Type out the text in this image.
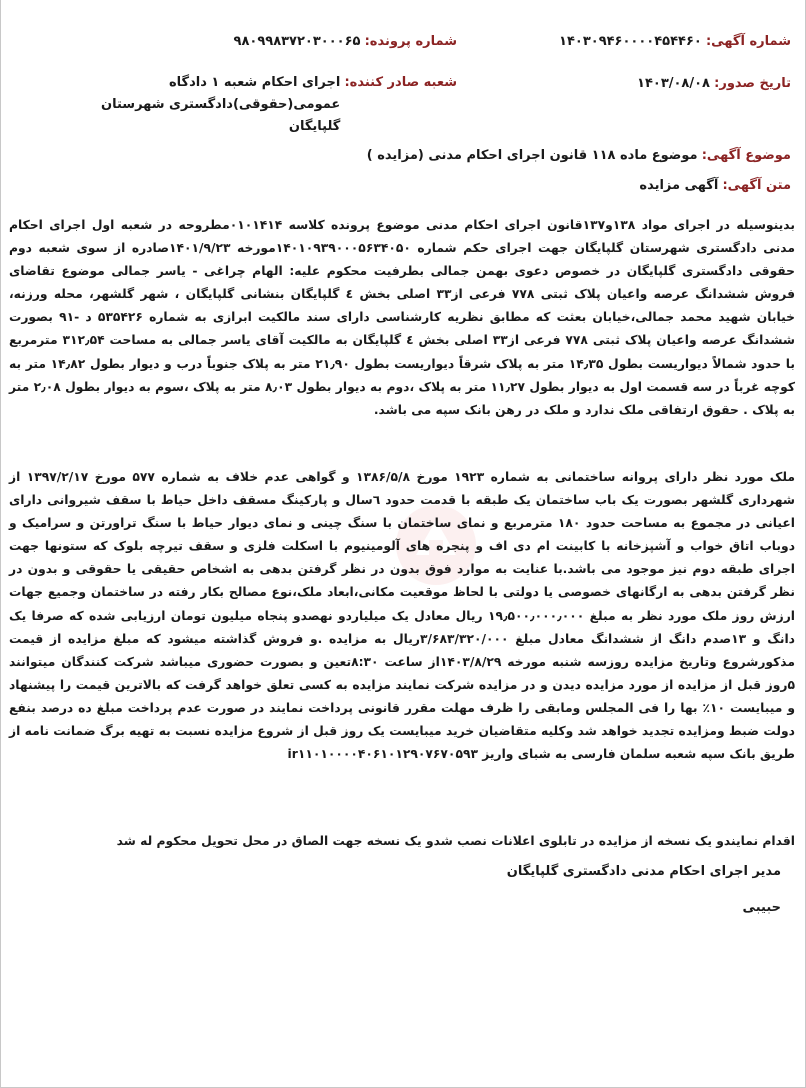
شماره آگهی: ۱۴۰۳۰۹۴۶۰۰۰۰۴۵۴۴۶۰
شماره پرونده: ۹۸۰۹۹۸۳۷۲۰۳۰۰۰۶۵
تاریخ صدور: ۱۴۰۳/۰۸/۰۸
شعبه صادر کننده: اجرای احکام شعبه ۱ دادگاه عمومی(حقوقی)دادگستری شهرستان گلپایگان
موضوع آگهی: موضوع ماده ۱۱۸ قانون اجرای احکام مدنی (مزایده )
متن آگهی: آگهی مزایده
بدینوسیله در اجرای مواد ۱۳۸و۱۳۷قانون اجرای احکام مدنی موضوع پرونده کلاسه ۰۱۰۱۴۱۴مطروحه در شعبه اول اجرای احکام مدنی دادگستری شهرستان گلپایگان جهت اجرای حکم شماره ۱۴۰۱۰۹۳۹۰۰۰۵۶۳۴۰۵۰مورخه ۱۴۰۱/۹/۲۳صادره از سوی شعبه دوم حقوقی دادگستری گلپایگان در خصوص دعوی بهمن جمالی بطرفیت محکوم علیه: الهام چراغی - یاسر جمالی موضوع تقاضای فروش ششدانگ عرصه واعیان پلاک ثبتی ۷۷۸ فرعی از۳۳ اصلی بخش ٤ گلپایگان بنشانی گلپایگان ، شهر گلشهر، محله ورزنه، خیابان شهید محمد جمالی،خیابان بعثت که مطابق نظریه کارشناسی دارای سند مالکیت ابرازی به شماره ۵۳۵۴۲۶ د -۹۱ بصورت ششدانگ عرصه واعیان پلاک ثبتی ۷۷۸ فرعی از۳۳ اصلی بخش ٤ گلپایگان به مالکیت آقای یاسر جمالی به مساحت ۳۱۲٫۵۴ مترمربع با حدود شمالاً دیواریست بطول ۱۴٫۳۵ متر به پلاک شرقاً دیواریست بطول ۲۱٫۹۰ متر به پلاک جنوباً درب و دیوار بطول ۱۴٫۸۲ متر به کوچه غرباً در سه قسمت اول به دیوار بطول ۱۱٫۲۷ متر به پلاک ،دوم به دیوار بطول ۸٫۰۳ متر به پلاک ،سوم به دیوار بطول ۲٫۰۸ متر به پلاک . حقوق ارتفاقی ملک ندارد و ملک در رهن بانک سپه می باشد.
ملک مورد نظر دارای پروانه ساختمانی به شماره ۱۹۲۳ مورخ ۱۳۸۶/۵/۸ و گواهی عدم خلاف به شماره ۵۷۷ مورخ ۱۳۹۷/۲/۱۷ از شهرداری گلشهر بصورت یک باب ساختمان یک طبقه با قدمت حدود ٦سال و پارکینگ مسقف داخل حیاط با سقف شیروانی دارای اعیانی در مجموع به مساحت حدود ۱۸۰ مترمربع و نمای ساختمان با سنگ چینی و نمای دیوار حیاط با سنگ تراورتن و سرامیک و دوباب اتاق خواب و آشپزخانه با کابینت ام دی اف و پنجره های آلومینیوم با اسکلت فلزی و سقف تیرچه بلوک که ستونها جهت اجرای طبقه دوم نیز موجود می باشد.با عنایت به موارد فوق بدون در نظر گرفتن بدهی به اشخاص حقیقی یا حقوقی و بدون در نظر گرفتن بدهی به ارگانهای خصوصی یا دولتی با لحاظ موقعیت مکانی،ابعاد ملک،نوع مصالح بکار رفته در ساختمان وجمیع جهات ارزش روز ملک مورد نظر به مبلغ ۱۹٫۵۰۰٫۰۰۰٫۰۰۰ ریال معادل یک میلیاردو نهصدو پنجاه میلیون تومان ارزیابی شده که صرفا یک دانگ و ۱۳صدم دانگ از ششدانگ معادل مبلغ ۳/۶۸۳/۳۲۰/۰۰۰ریال به مزایده .و فروش گذاشته میشود که مبلغ مزایده از قیمت مذکورشروع وتاریخ مزایده روزسه شنبه مورخه ۱۴۰۳/۸/۲۹از ساعت ۸:۳۰تعین و بصورت حضوری میباشد شرکت کنندگان میتوانند ۵روز قبل از مزایده از مورد مزایده دیدن و در مزایده شرکت نمایند مزایده به کسی تعلق خواهد گرفت که بالاترین قیمت را پیشنهاد و میبایست ۱۰٪ بها را فی المجلس ومابقی را ظرف مهلت مقرر قانونی پرداخت نمایند در صورت عدم پرداخت مبلغ ده درصد بنفع دولت ضبط ومزایده تجدید خواهد شد وکلیه متقاضیان خرید میبایست یک روز قبل از شروع مزایده نسبت به تهیه برگ ضمانت نامه از طریق بانک سپه شعبه سلمان فارسی به شبای واریز ir۱۱۰۱۰۰۰۰۴۰۶۱۰۱۲۹۰۷۶۷۰۵۹۳
اقدام نمایندو یک نسخه از مزایده در تابلوی اعلانات نصب شدو یک نسخه جهت الصاق در محل تحویل محکوم له شد
مدیر اجرای احکام مدنی دادگستری گلپایگان
حبیبی
